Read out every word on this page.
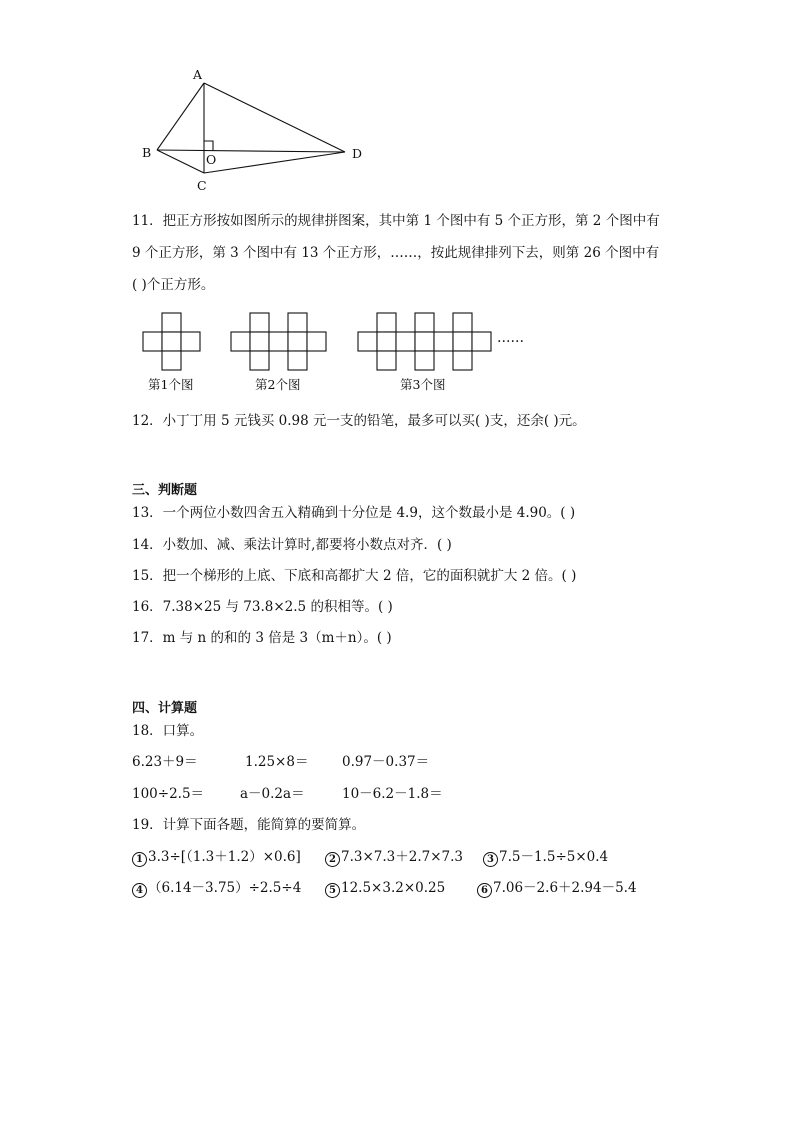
A
B
C
D
O
11．把正方形按如图所示的规律拼图案，其中第 1 个图中有 5 个正方形，第 2 个图中有
9 个正方形，第 3 个图中有 13 个正方形，……，按此规律排列下去，则第 26 个图中有
( )个正方形。
……
第1个图	第2个图	第3个图
12．小丁丁用 5 元钱买 0.98 元一支的铅笔，最多可以买( )支，还余( )元。
三、判断题
13．一个两位小数四舍五入精确到十分位是 4.9，这个数最小是 4.90。( )
14．小数加、减、乘法计算时,都要将小数点对齐．( )
15．把一个梯形的上底、下底和高都扩大 2 倍，它的面积就扩大 2 倍。( )
16．7.38×25 与 73.8×2.5 的积相等。( )
17．m 与 n 的和的 3 倍是 3（m＋n）。( )
四、计算题
18．口算。
6.23＋9＝	1.25×8＝ 0.97－0.37＝
100÷2.5＝	a－0.2a＝	10－6.2－1.8＝
19．计算下面各题，能简算的要简算。
1 3.3÷[（1.3＋1.2）×0.6]	2 7.3×7.3＋2.7×7.3	3 7.5－1.5÷5×0.4
4 （6.14－3.75）÷2.5÷4	5 12.5×3.2×0.25	6 7.06－2.6＋2.94－5.4
